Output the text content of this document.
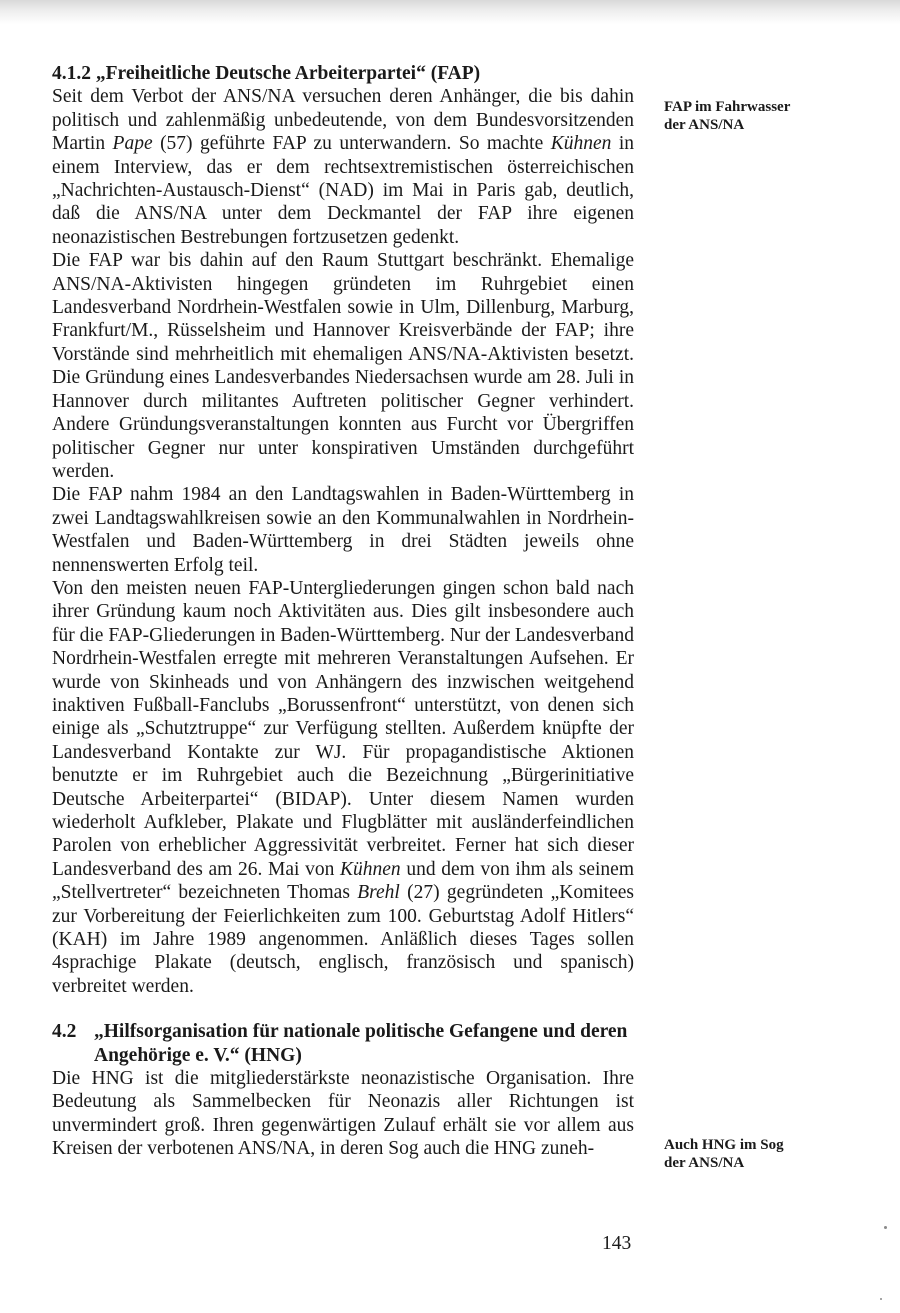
4.1.2
„Freiheitliche Deutsche Arbeiterpartei“ (FAP)

Seit dem Verbot der ANS/NA versuchen deren Anhänger, die bis dahin politisch und zahlenmäßig unbedeutende, von dem Bundesvorsitzenden Martin Pape (57) geführte FAP zu unterwandern. So machte Kühnen in einem Interview, das er dem rechtsextremistischen österreichischen „Nachrichten-Austausch-Dienst“ (NAD) im Mai in Paris gab, deutlich, daß die ANS/NA unter dem Deckmantel der FAP ihre eigenen neonazistischen Bestrebungen fortzusetzen gedenkt.

Die FAP war bis dahin auf den Raum Stuttgart beschränkt. Ehemalige ANS/NA-Aktivisten hingegen gründeten im Ruhrgebiet einen Landesverband Nordrhein-Westfalen sowie in Ulm, Dillenburg, Marburg, Frankfurt/M., Rüsselsheim und Hannover Kreisverbände der FAP; ihre Vorstände sind mehrheitlich mit ehemaligen ANS/NA-Aktivisten besetzt. Die Gründung eines Landesverbandes Niedersachsen wurde am 28. Juli in Hannover durch militantes Auftreten politischer Gegner verhindert. Andere Gründungsveranstaltungen konnten aus Furcht vor Übergriffen politischer Gegner nur unter konspirativen Umständen durchgeführt werden.

Die FAP nahm 1984 an den Landtagswahlen in Baden-Württemberg in zwei Landtagswahlkreisen sowie an den Kommunalwahlen in Nordrhein-Westfalen und Baden-Württemberg in drei Städten jeweils ohne nennenswerten Erfolg teil.

Von den meisten neuen FAP-Untergliederungen gingen schon bald nach ihrer Gründung kaum noch Aktivitäten aus. Dies gilt insbesondere auch für die FAP-Gliederungen in Baden-Württemberg. Nur der Landesverband Nordrhein-Westfalen erregte mit mehreren Veranstaltungen Aufsehen. Er wurde von Skinheads und von Anhängern des inzwischen weitgehend inaktiven Fußball-Fanclubs „Borussenfront“ unterstützt, von denen sich einige als „Schutztruppe“ zur Verfügung stellten. Außerdem knüpfte der Landesverband Kontakte zur WJ. Für propagandistische Aktionen benutzte er im Ruhrgebiet auch die Bezeichnung „Bürgerinitiative Deutsche Arbeiterpartei“ (BIDAP). Unter diesem Namen wurden wiederholt Aufkleber, Plakate und Flugblätter mit ausländerfeindlichen Parolen von erheblicher Aggressivität verbreitet. Ferner hat sich dieser Landesverband des am 26. Mai von Kühnen und dem von ihm als seinem „Stellvertreter“ bezeichneten Thomas Brehl (27) gegründeten „Komitees zur Vorbereitung der Feierlichkeiten zum 100. Geburtstag Adolf Hitlers“ (KAH) im Jahre 1989 angenommen. Anläßlich dieses Tages sollen 4sprachige Plakate (deutsch, englisch, französisch und spanisch) verbreitet werden.

4.2 „Hilfsorganisation für nationale politische Gefangene und deren Angehörige e. V.“ (HNG)

Die HNG ist die mitgliederstärkste neonazistische Organisation. Ihre Bedeutung als Sammelbecken für Neonazis aller Richtungen ist unvermindert groß. Ihren gegenwärtigen Zulauf erhält sie vor allem aus Kreisen der verbotenen ANS/NA, in deren Sog auch die HNG zuneh-

FAP im Fahrwasser
der ANS/NA
Auch HNG im Sog
der ANS/NA
143
